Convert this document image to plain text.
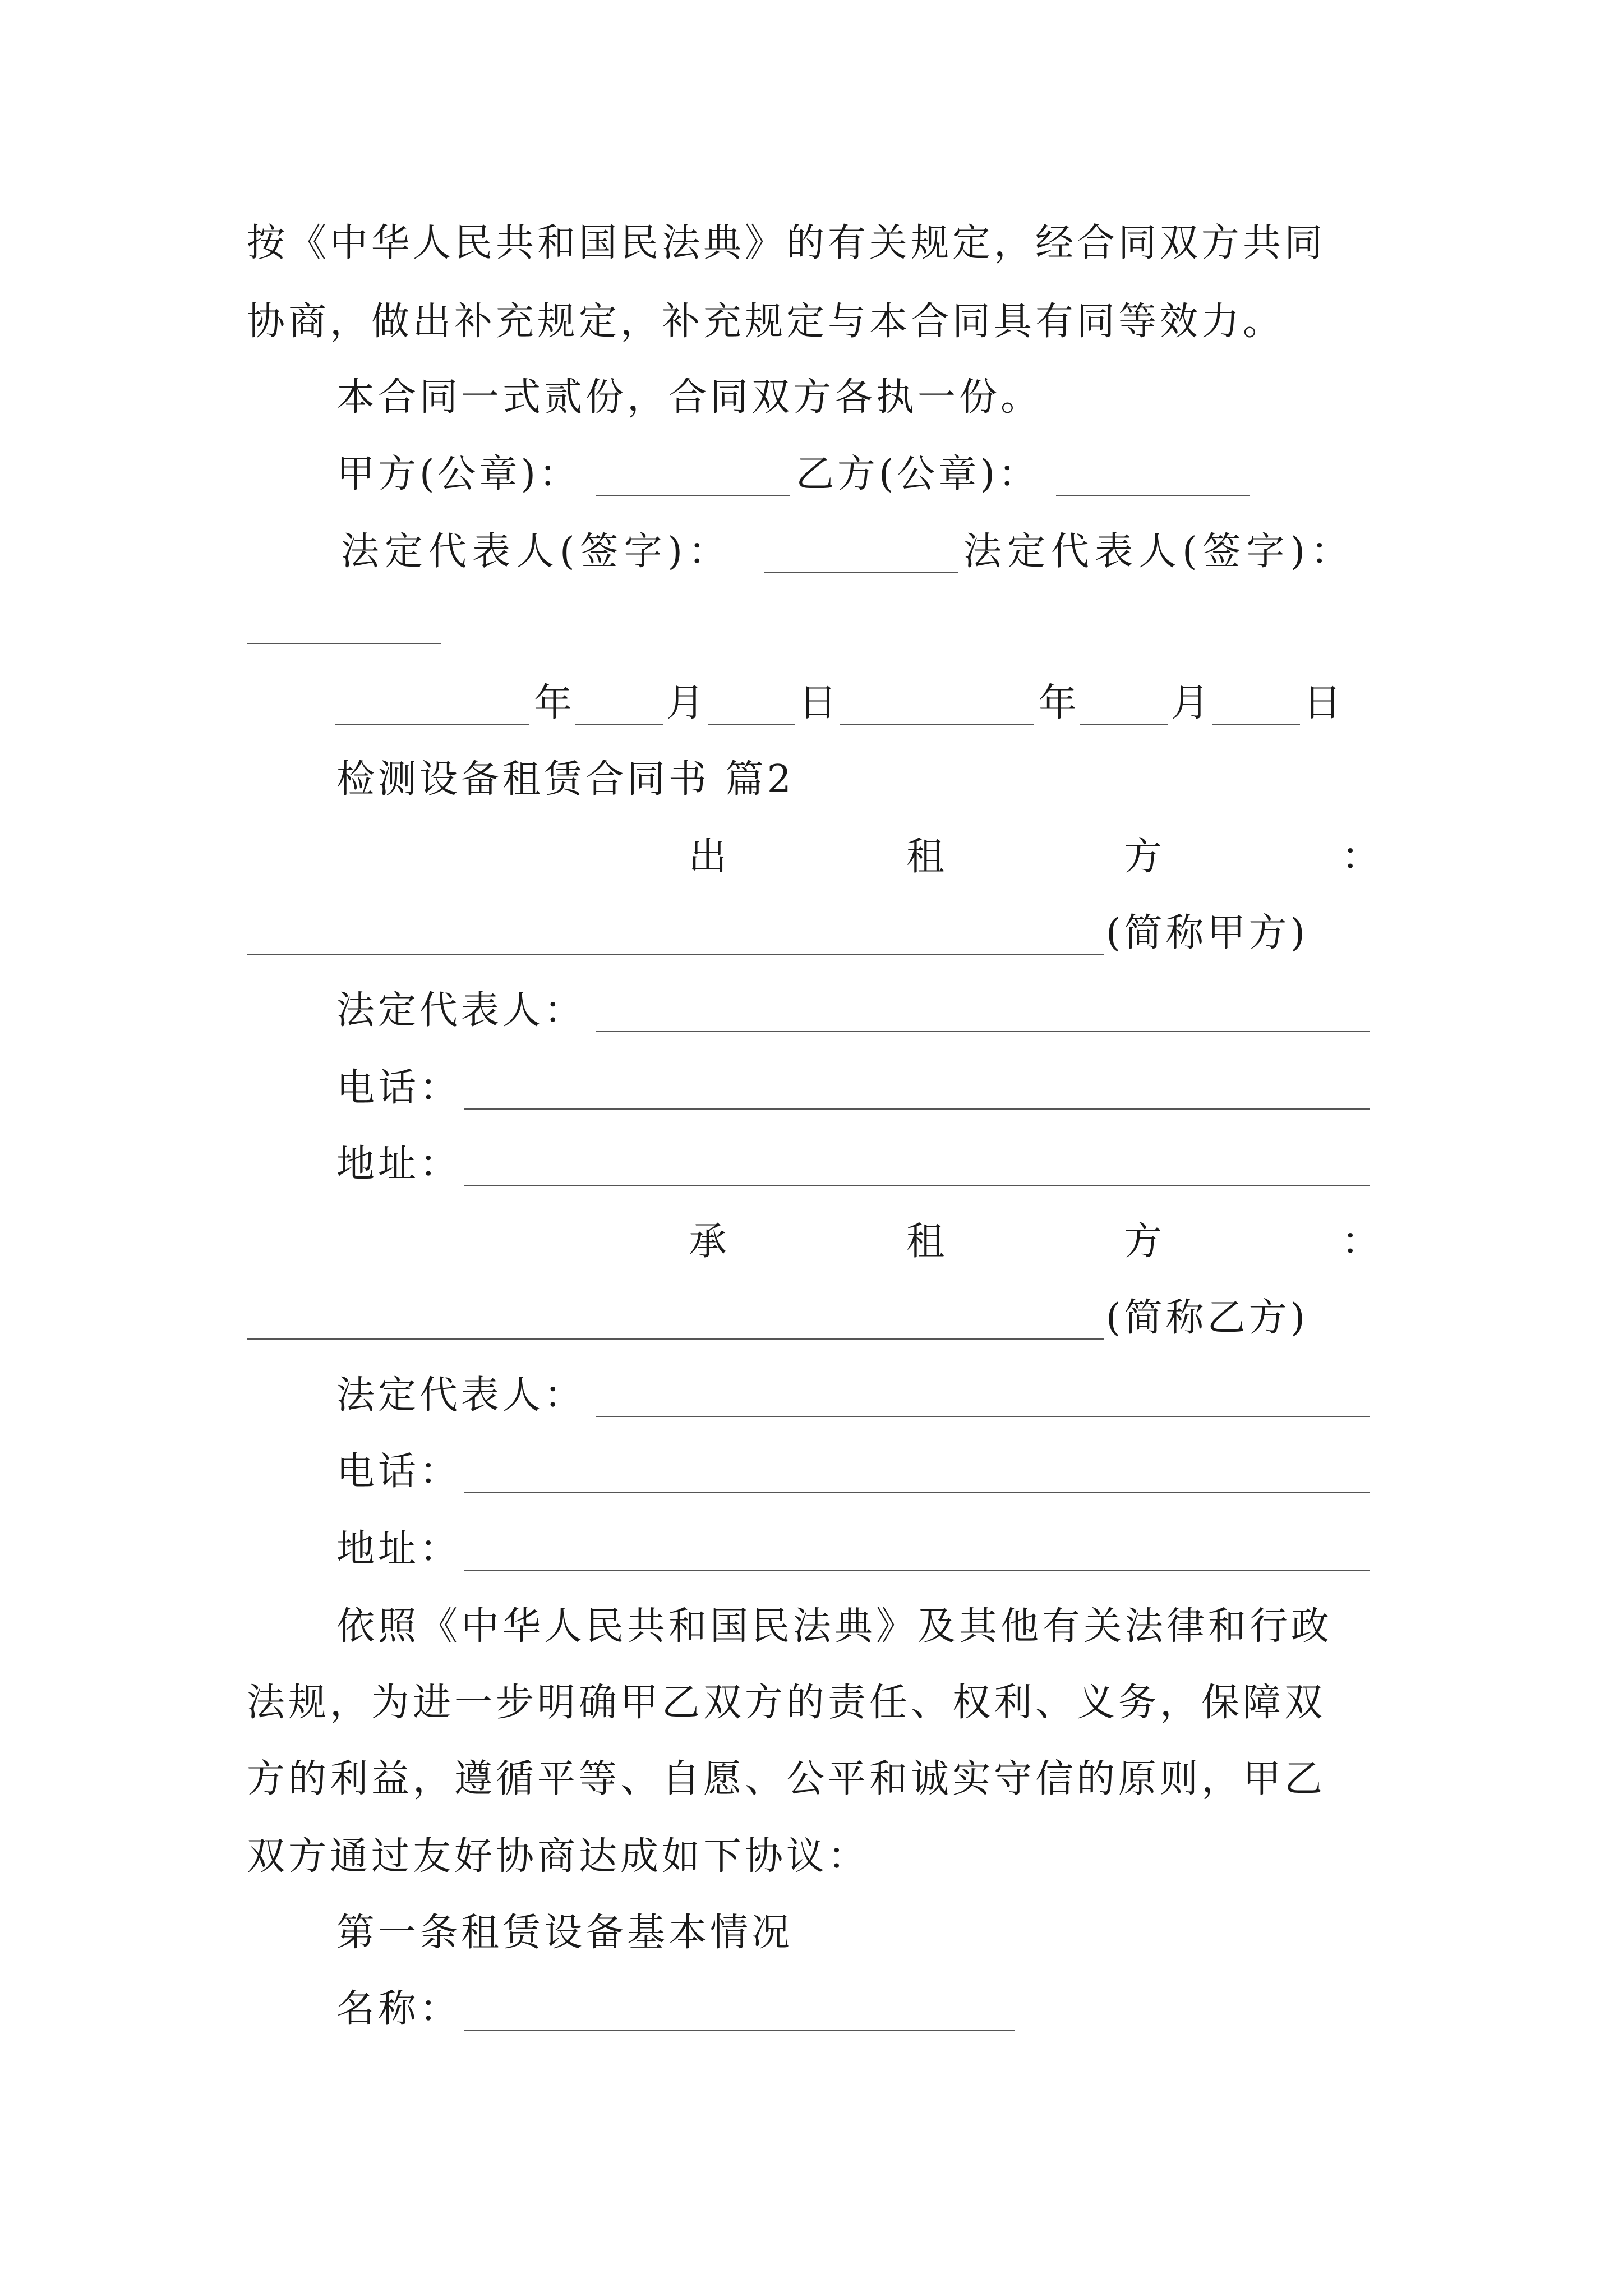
按《中华人民共和国民法典》的有关规定，经合同双方共同
协商，做出补充规定，补充规定与本合同具有同等效力。
本合同一式贰份，合同双方各执一份。
甲方(公章)：	乙方(公章)：
法定代表人(签字)：	法定代表人(签字)：
年 月 日	年 月 日
检测设备租赁合同书 篇2
出	租	方	：
(简称甲方)
法定代表人：
电话：
地址：
承	租	方	：
(简称乙方)
法定代表人：
电话：
地址：
依照《中华人民共和国民法典》及其他有关法律和行政
法规，为进一步明确甲乙双方的责任、权利、义务，保障双
方的利益，遵循平等、自愿、公平和诚实守信的原则，甲乙
双方通过友好协商达成如下协议：
第一条租赁设备基本情况
名称：
